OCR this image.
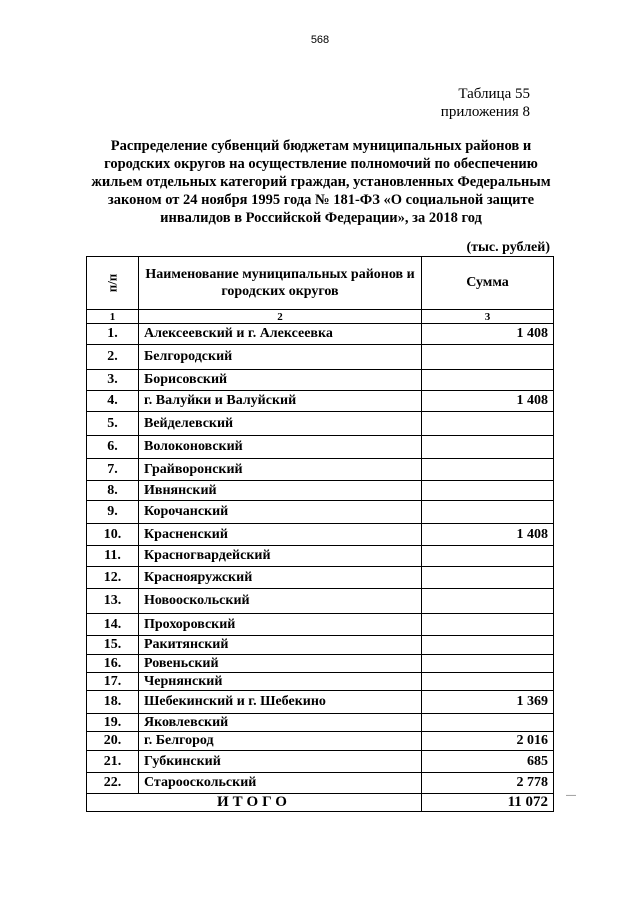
568
Таблица 55
приложения 8
Распределение субвенций бюджетам муниципальных районов и городских округов на осуществление полномочий по обеспечению жильем отдельных категорий граждан, установленных Федеральным законом от 24 ноября 1995 года № 181-ФЗ «О социальной защите инвалидов в Российской Федерации», за 2018 год
(тыс. рублей)
п/п	Наименование муниципальных районов и городских округов	Сумма
1	2	3
1.	Алексеевский и г. Алексеевка	1 408
2.	Белгородский	
3.	Борисовский	
4.	г. Валуйки и Валуйский	1 408
5.	Вейделевский	
6.	Волоконовский	
7.	Грайворонский	
8.	Ивнянский	
9.	Корочанский	
10.	Красненский	1 408
11.	Красногвардейский	
12.	Краснояружский	
13.	Новооскольский	
14.	Прохоровский	
15.	Ракитянский	
16.	Ровеньский	
17.	Чернянский	
18.	Шебекинский и г. Шебекино	1 369
19.	Яковлевский	
20.	г. Белгород	2 016
21.	Губкинский	685
22.	Старооскольский	2 778
ИТОГО		11 072 —
